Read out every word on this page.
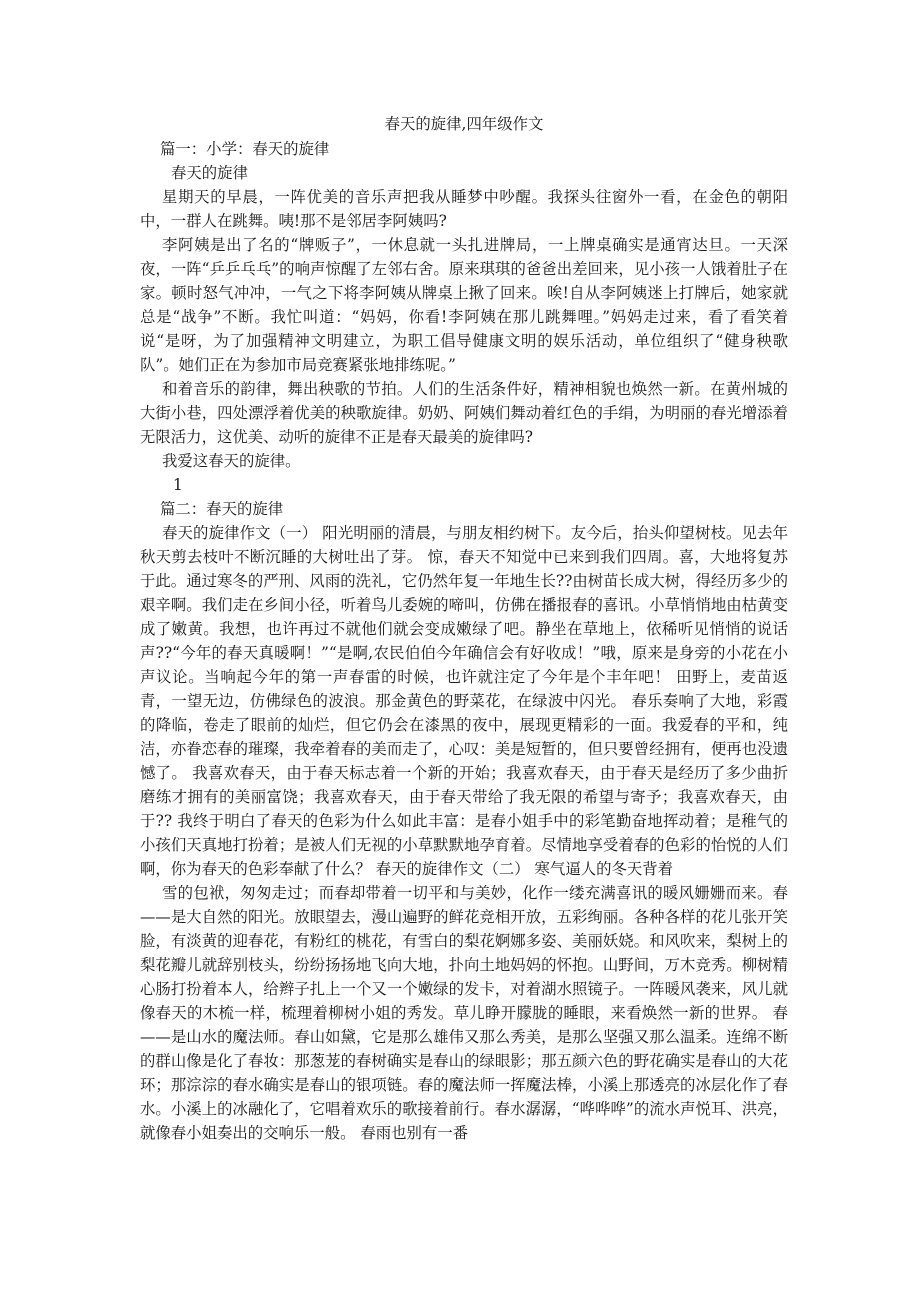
春天的旋律,四年级作文

篇一：小学：春天的旋律

春天的旋律

星期天的早晨，一阵优美的音乐声把我从睡梦中吵醒。我探头往窗外一看，在金色的朝阳中，一群人在跳舞。咦!那不是邻居李阿姨吗?

李阿姨是出了名的“牌贩子”，一休息就一头扎进牌局，一上牌桌确实是通宵达旦。一天深夜，一阵“乒乒乓乓”的响声惊醒了左邻右舍。原来琪琪的爸爸出差回来，见小孩一人饿着肚子在家。顿时怒气冲冲，一气之下将李阿姨从牌桌上揪了回来。唉!自从李阿姨迷上打牌后，她家就总是“战争”不断。我忙叫道：“妈妈，你看!李阿姨在那儿跳舞哩。”妈妈走过来，看了看笑着说“是呀，为了加强精神文明建立，为职工倡导健康文明的娱乐活动，单位组织了“健身秧歌队”。她们正在为参加市局竞赛紧张地排练呢。”

和着音乐的韵律，舞出秧歌的节拍。人们的生活条件好，精神相貌也焕然一新。在黄州城的大街小巷，四处漂浮着优美的秧歌旋律。奶奶、阿姨们舞动着红色的手绢，为明丽的春光增添着无限活力，这优美、动听的旋律不正是春天最美的旋律吗?

我爱这春天的旋律。

1

篇二：春天的旋律

春天的旋律作文（一） 阳光明丽的清晨，与朋友相约树下。友今后，抬头仰望树枝。见去年秋天剪去枝叶不断沉睡的大树吐出了芽。 惊，春天不知觉中已来到我们四周。喜，大地将复苏于此。通过寒冬的严刑、风雨的洗礼，它仍然年复一年地生长??由树苗长成大树，得经历多少的艰辛啊。我们走在乡间小径，听着鸟儿委婉的啼叫，仿佛在播报春的喜讯。小草悄悄地由枯黄变成了嫩黄。我想，也许再过不就他们就会变成嫩绿了吧。静坐在草地上，依稀听见悄悄的说话声??“今年的春天真暖啊！”“是啊,农民伯伯今年确信会有好收成！”哦，原来是身旁的小花在小声议论。当响起今年的第一声春雷的时候，也许就注定了今年是个丰年吧！ 田野上，麦苗返青，一望无边，仿佛绿色的波浪。那金黄色的野菜花，在绿波中闪光。 春乐奏响了大地，彩霞的降临，卷走了眼前的灿烂，但它仍会在漆黑的夜中，展现更精彩的一面。我爱春的平和，纯洁，亦眷恋春的璀璨，我牵着春的美而走了，心叹：美是短暂的，但只要曾经拥有，便再也没遗憾了。 我喜欢春天，由于春天标志着一个新的开始；我喜欢春天，由于春天是经历了多少曲折磨练才拥有的美丽富饶；我喜欢春天，由于春天带给了我无限的希望与寄予；我喜欢春天，由于?? 我终于明白了春天的色彩为什么如此丰富：是春小姐手中的彩笔勤奋地挥动着；是稚气的小孩们天真地打扮着；是被人们无视的小草默默地孕育着。尽情地享受着春的色彩的怡悦的人们啊，你为春天的色彩奉献了什么？ 春天的旋律作文（二） 寒气逼人的冬天背着

雪的包袱，匆匆走过；而春却带着一切平和与美妙，化作一缕充满喜讯的暖风姗姗而来。春——是大自然的阳光。放眼望去，漫山遍野的鲜花竞相开放，五彩绚丽。各种各样的花儿张开笑脸，有淡黄的迎春花，有粉红的桃花，有雪白的梨花婀娜多姿、美丽妖娆。和风吹来，梨树上的梨花瓣儿就辞别枝头，纷纷扬扬地飞向大地，扑向土地妈妈的怀抱。山野间，万木竞秀。柳树精心肠打扮着本人，给辫子扎上一个又一个嫩绿的发卡，对着湖水照镜子。一阵暖风袭来，风儿就像春天的木梳一样，梳理着柳树小姐的秀发。草儿睁开朦胧的睡眼，来看焕然一新的世界。 春——是山水的魔法师。春山如黛，它是那么雄伟又那么秀美，是那么坚强又那么温柔。连绵不断的群山像是化了春妆：那葱茏的春树确实是春山的绿眼影；那五颜六色的野花确实是春山的大花环；那淙淙的春水确实是春山的银项链。春的魔法师一挥魔法棒，小溪上那透亮的冰层化作了春水。小溪上的冰融化了，它唱着欢乐的歌接着前行。春水潺潺，“哗哗哗”的流水声悦耳、洪亮，就像春小姐奏出的交响乐一般。 春雨也别有一番
